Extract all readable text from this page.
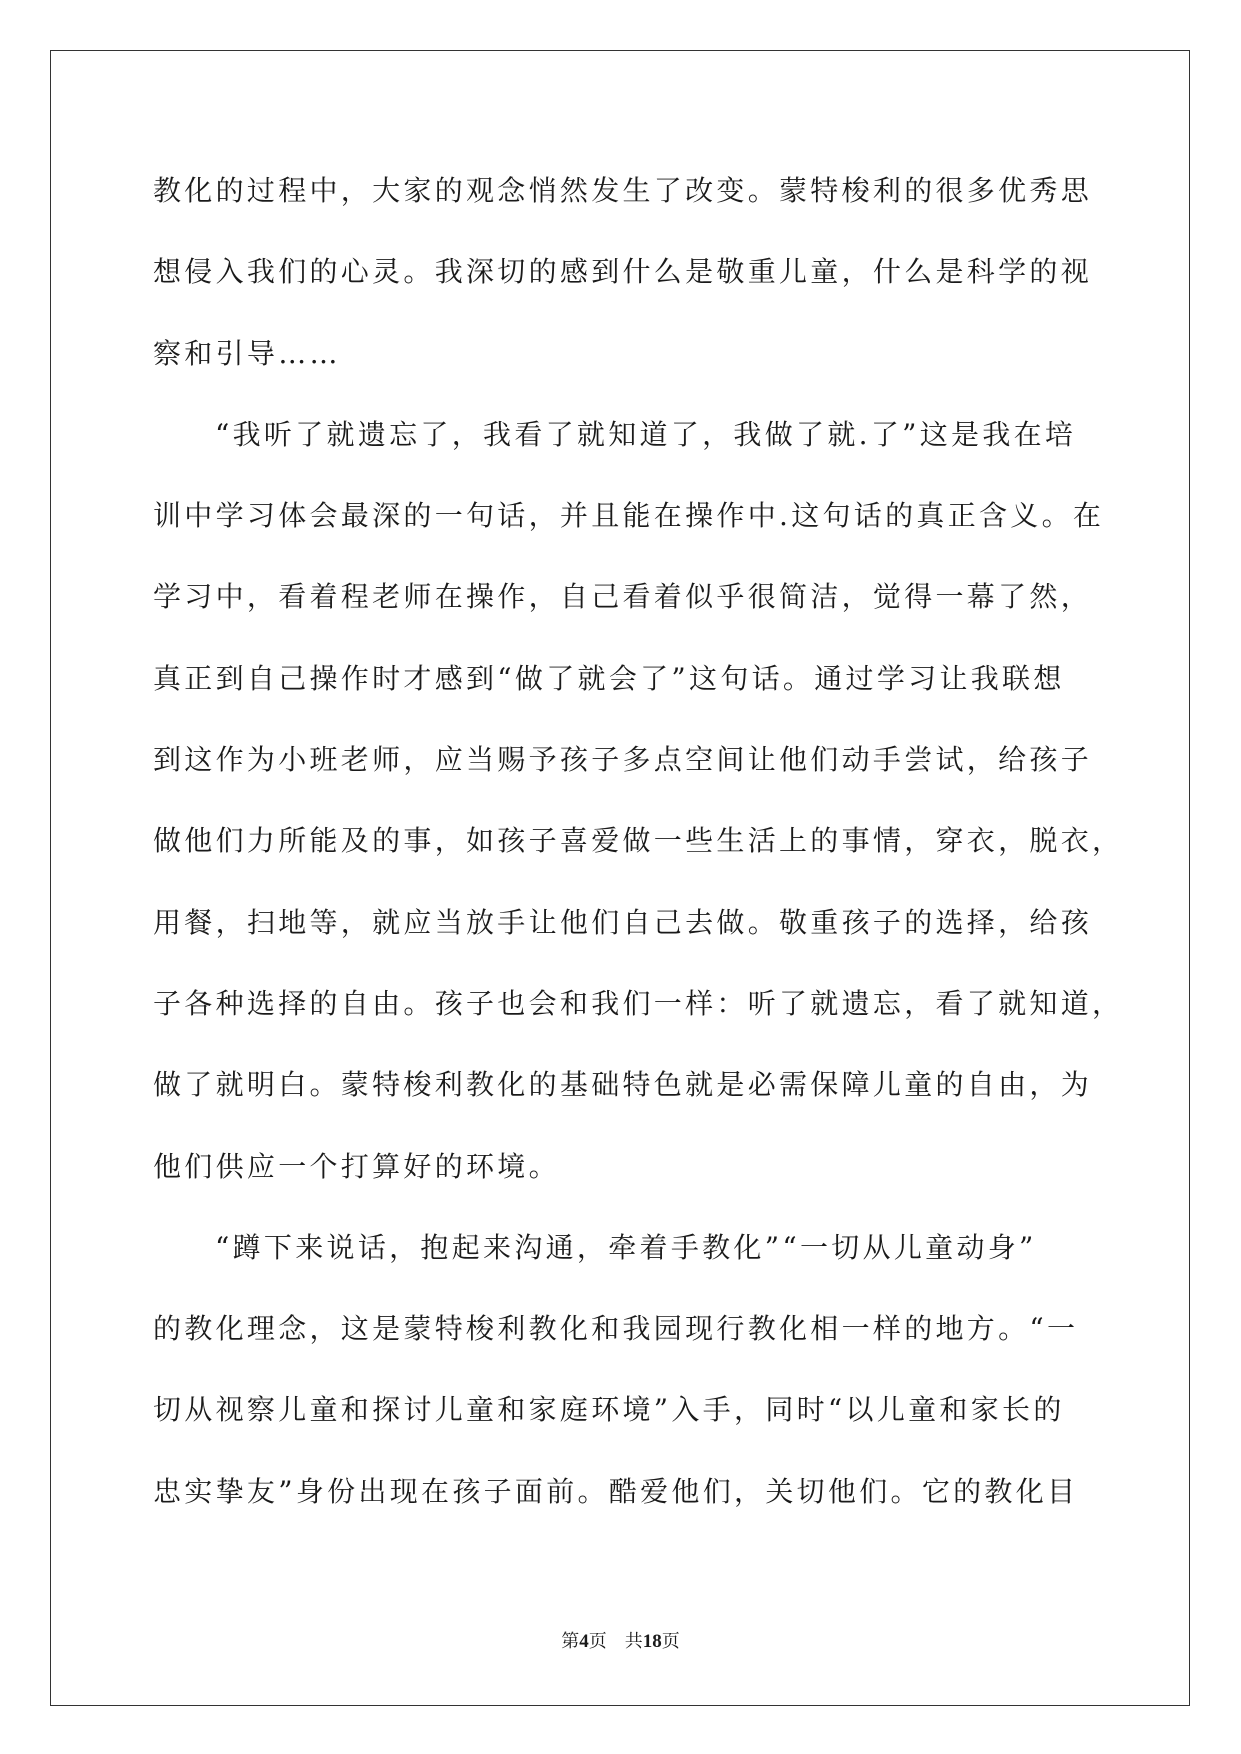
教化的过程中，大家的观念悄然发生了改变。蒙特梭利的很多优秀思
想侵入我们的心灵。我深切的感到什么是敬重儿童，什么是科学的视
察和引导……
“我听了就遗忘了，我看了就知道了，我做了就.了”这是我在培
训中学习体会最深的一句话，并且能在操作中.这句话的真正含义。在
学习中，看着程老师在操作，自己看着似乎很简洁，觉得一幕了然，
真正到自己操作时才感到“做了就会了”这句话。通过学习让我联想
到这作为小班老师，应当赐予孩子多点空间让他们动手尝试，给孩子
做他们力所能及的事，如孩子喜爱做一些生活上的事情，穿衣，脱衣，
用餐，扫地等，就应当放手让他们自己去做。敬重孩子的选择，给孩
子各种选择的自由。孩子也会和我们一样：听了就遗忘，看了就知道，
做了就明白。蒙特梭利教化的基础特色就是必需保障儿童的自由，为
他们供应一个打算好的环境。
“蹲下来说话，抱起来沟通，牵着手教化”“一切从儿童动身”
的教化理念，这是蒙特梭利教化和我园现行教化相一样的地方。“一
切从视察儿童和探讨儿童和家庭环境”入手，同时“以儿童和家长的
忠实挚友”身份出现在孩子面前。酷爱他们，关切他们。它的教化目
第4页 共18页
